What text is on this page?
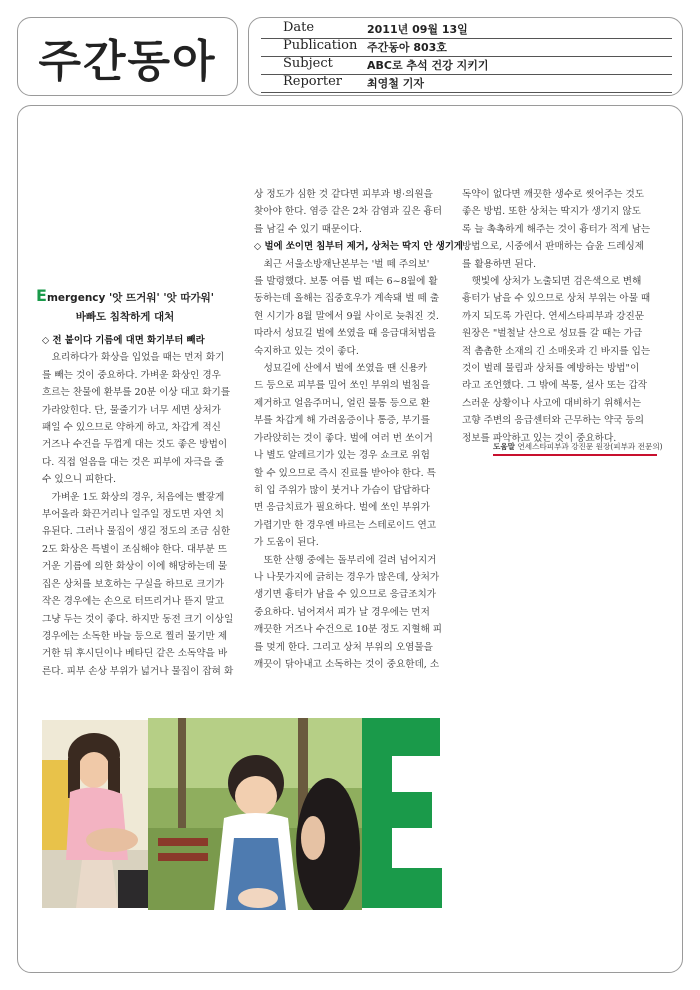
주간동아
Date	2011년 09월 13일
Publication 주간동아 803호
Subject	ABC로 추석 건강 지키기
Reporter 최영철 기자
Emergency '앗 뜨거워' '앗 따가워'
바빠도 침착하게 대처

◇ 전 붙이다 기름에 대면 화기부터 빼라

　요리하다가 화상을 입었을 때는 먼저 화기

를 빼는 것이 중요하다. 가벼운 화상인 경우

흐르는 찬물에 환부를 20분 이상 대고 화기를

가라앉힌다. 단, 물줄기가 너무 세면 상처가

패일 수 있으므로 약하게 하고, 차갑게 적신

거즈나 수건을 두껍게 대는 것도 좋은 방법이

다. 직접 얼음을 대는 것은 피부에 자극을 줄

수 있으니 피한다.

　가벼운 1도 화상의 경우, 처음에는 빨갛게

부어올라 화끈거리나 일주일 정도면 자연 치

유된다. 그러나 물집이 생길 정도의 조금 심한

2도 화상은 특별이 조심해야 한다. 대부분 뜨

거운 기름에 의한 화상이 이에 해당하는데 물

집은 상처를 보호하는 구실을 하므로 크기가

작은 경우에는 손으로 터뜨리거나 뜯지 말고

그냥 두는 것이 좋다. 하지만 동전 크기 이상일

경우에는 소독한 바늘 등으로 찔러 물기만 제

거한 뒤 후시딘이나 베타딘 같은 소독약을 바

른다. 피부 손상 부위가 넓거나 물집이 잡혀 화

상 정도가 심한 것 같다면 피부과 병·의원을

찾아야 한다. 염증 같은 2차 감염과 깊은 흉터

를 남길 수 있기 때문이다.

◇ 벌에 쏘이면 침부터 제거, 상처는 딱지 안 생기게

　최근 서울소방재난본부는 '벌 떼 주의보'

를 발령했다. 보통 여름 벌 떼는 6~8월에 활

동하는데 올해는 집중호우가 계속돼 벌 떼 출

현 시기가 8월 말에서 9월 사이로 늦춰진 것.

따라서 성묘길 벌에 쏘였을 때 응급대처법을

숙지하고 있는 것이 좋다.

　성묘길에 산에서 벌에 쏘였을 땐 신용카

드 등으로 피부를 밀어 쏘인 부위의 벌침을

제거하고 얼음주머니, 얼린 물통 등으로 환

부를 차갑게 해 가려움증이나 통증, 부기를

가라앉히는 것이 좋다. 벌에 여러 번 쏘이거

나 별도 알레르기가 있는 경우 쇼크로 위험

할 수 있으므로 즉시 진료를 받아야 한다. 특

히 입 주위가 많이 붓거나 가슴이 답답하다

면 응급치료가 필요하다. 벌에 쏘인 부위가

가렵기만 한 경우엔 바르는 스테로이드 연고

가 도움이 된다.

　또한 산행 중에는 돌부리에 걸려 넘어지거

나 나뭇가지에 긁히는 경우가 많은데, 상처가

생기면 흉터가 남을 수 있으므로 응급조치가

중요하다. 넘어져서 피가 날 경우에는 먼저

깨끗한 거즈나 수건으로 10분 정도 지혈해 피

를 멎게 한다. 그리고 상처 부위의 오염물을

깨끗이 닦아내고 소독하는 것이 중요한데, 소

독약이 없다면 깨끗한 생수로 씻어주는 것도

좋은 방법. 또한 상처는 딱지가 생기지 않도

록 늘 촉촉하게 해주는 것이 흉터가 적게 남는

방법으로, 시중에서 판매하는 습윤 드레싱제

를 활용하면 된다.

　햇빛에 상처가 노출되면 검은색으로 변해

흉터가 남을 수 있으므로 상처 부위는 아물 때

까지 되도록 가린다. 연세스타피부과 강진문

원장은 "벌철날 산으로 성묘를 갈 때는 가급

적 촘촘한 소재의 긴 소매옷과 긴 바지를 입는

것이 벌레 물림과 상처를 예방하는 방법"이

라고 조언했다. 그 밖에 복통, 설사 또는 갑작

스러운 상황이나 사고에 대비하기 위해서는

고향 주변의 응급센터와 근무하는 약국 등의

정보를 파악하고 있는 것이 중요하다.

도움말 연세스타피부과 강진문 원장(피부과 전문의)
